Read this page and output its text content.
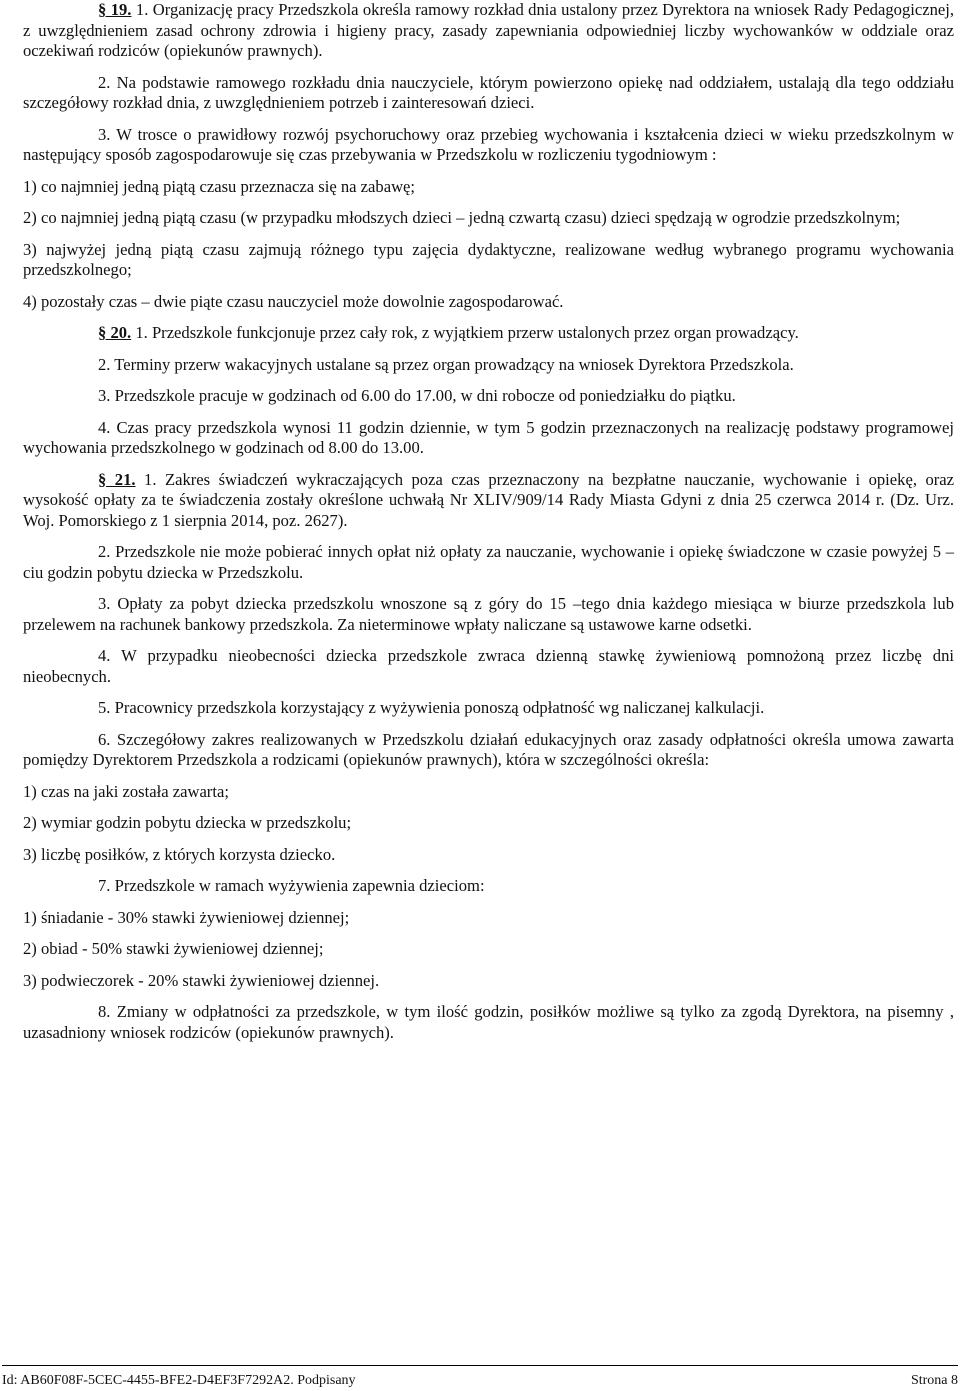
§ 19. 1. Organizację pracy Przedszkola określa ramowy rozkład dnia ustalony przez Dyrektora na wniosek Rady Pedagogicznej, z uwzględnieniem zasad ochrony zdrowia i higieny pracy, zasady zapewniania odpowiedniej liczby wychowanków w oddziale oraz oczekiwań rodziców (opiekunów prawnych).

2. Na podstawie ramowego rozkładu dnia nauczyciele, którym powierzono opiekę nad oddziałem, ustalają dla tego oddziału szczegółowy rozkład dnia, z uwzględnieniem potrzeb i zainteresowań dzieci.

3. W trosce o prawidłowy rozwój psychoruchowy oraz przebieg wychowania i kształcenia dzieci w wieku przedszkolnym w następujący sposób zagospodarowuje się czas przebywania w Przedszkolu w rozliczeniu tygodniowym :

1) co najmniej jedną piątą czasu przeznacza się na zabawę;

2) co najmniej jedną piątą czasu (w przypadku młodszych dzieci – jedną czwartą czasu) dzieci spędzają w ogrodzie przedszkolnym;

3) najwyżej jedną piątą czasu zajmują różnego typu zajęcia dydaktyczne, realizowane według wybranego programu wychowania przedszkolnego;

4) pozostały czas – dwie piąte czasu nauczyciel może dowolnie zagospodarować.

§ 20. 1. Przedszkole funkcjonuje przez cały rok, z wyjątkiem przerw ustalonych przez organ prowadzący.

2. Terminy przerw wakacyjnych ustalane są przez organ prowadzący na wniosek Dyrektora Przedszkola.

3. Przedszkole pracuje w godzinach od 6.00 do 17.00, w dni robocze od poniedziałku do piątku.

4. Czas pracy przedszkola wynosi 11 godzin dziennie, w tym 5 godzin przeznaczonych na realizację podstawy programowej wychowania przedszkolnego w godzinach od 8.00 do 13.00.

§ 21. 1. Zakres świadczeń wykraczających poza czas przeznaczony na bezpłatne nauczanie, wychowanie i opiekę, oraz wysokość opłaty za te świadczenia zostały określone uchwałą Nr XLIV/909/14 Rady Miasta Gdyni z dnia 25 czerwca 2014 r. (Dz. Urz. Woj. Pomorskiego z 1 sierpnia 2014, poz. 2627).

2. Przedszkole nie może pobierać innych opłat niż opłaty za nauczanie, wychowanie i opiekę świadczone w czasie powyżej 5 – ciu godzin pobytu dziecka w Przedszkolu.

3. Opłaty za pobyt dziecka przedszkolu wnoszone są z góry do 15 –tego dnia każdego miesiąca w biurze przedszkola lub przelewem na rachunek bankowy przedszkola. Za nieterminowe wpłaty naliczane są ustawowe karne odsetki.

4. W przypadku nieobecności dziecka przedszkole zwraca dzienną stawkę żywieniową pomnożoną przez liczbę dni nieobecnych.

5. Pracownicy przedszkola korzystający z wyżywienia ponoszą odpłatność wg naliczanej kalkulacji.

6. Szczegółowy zakres realizowanych w Przedszkolu działań edukacyjnych oraz zasady odpłatności określa umowa zawarta pomiędzy Dyrektorem Przedszkola a rodzicami (opiekunów prawnych), która w szczególności określa:

1) czas na jaki została zawarta;

2) wymiar godzin pobytu dziecka w przedszkolu;

3) liczbę posiłków, z których korzysta dziecko.

7. Przedszkole w ramach wyżywienia zapewnia dzieciom:

1) śniadanie - 30% stawki żywieniowej dziennej;

2) obiad - 50% stawki żywieniowej dziennej;

3) podwieczorek - 20% stawki żywieniowej dziennej.

8. Zmiany w odpłatności za przedszkole, w tym ilość godzin, posiłków możliwe są tylko za zgodą Dyrektora, na pisemny , uzasadniony wniosek rodziców (opiekunów prawnych).

Id: AB60F08F-5CEC-4455-BFE2-D4EF3F7292A2. Podpisany	Strona 8
